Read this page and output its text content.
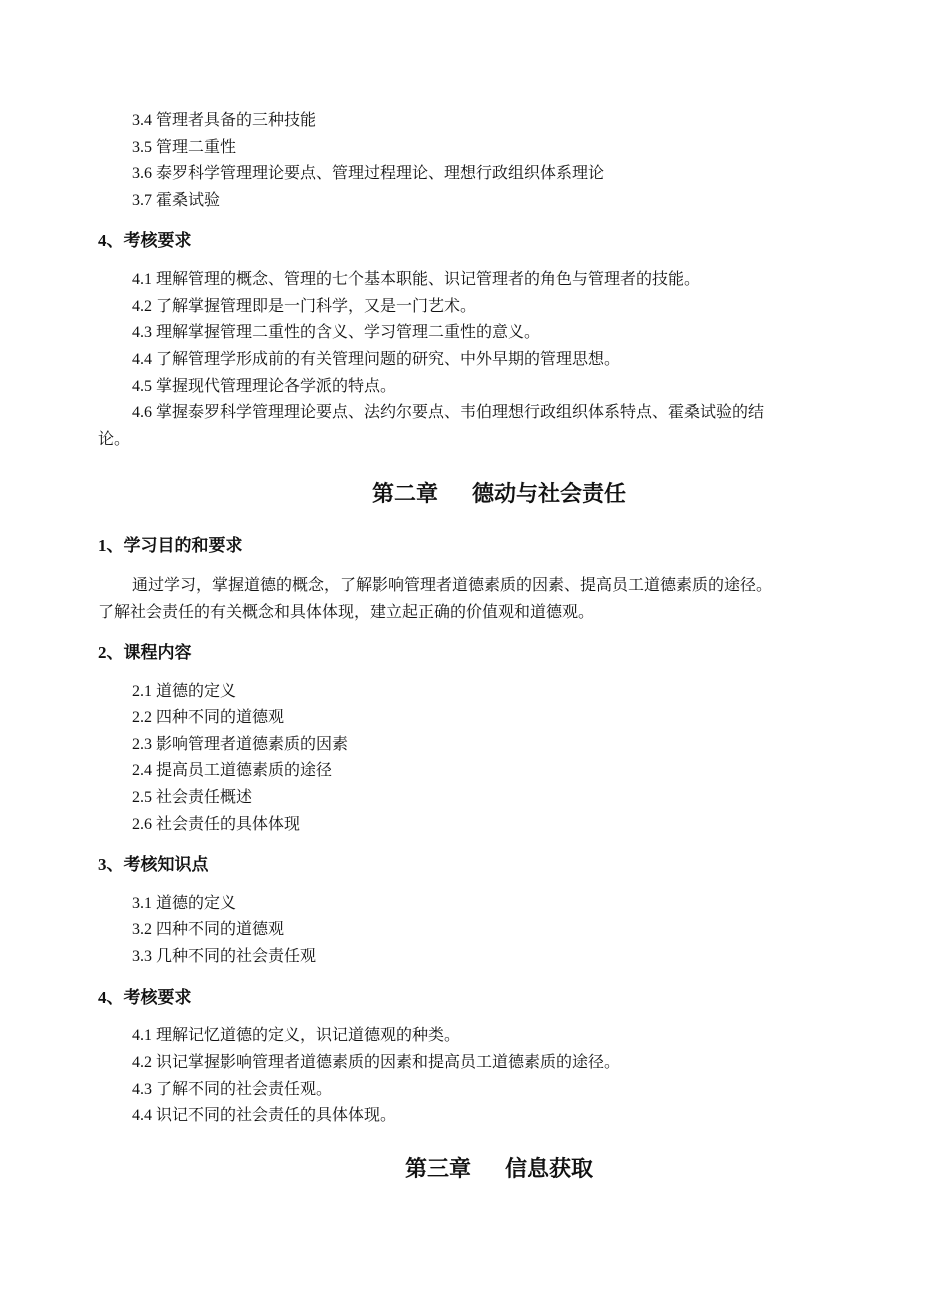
3.4 管理者具备的三种技能
3.5 管理二重性
3.6 泰罗科学管理理论要点、管理过程理论、理想行政组织体系理论
3.7 霍桑试验
4、考核要求
4.1 理解管理的概念、管理的七个基本职能、识记管理者的角色与管理者的技能。
4.2 了解掌握管理即是一门科学，又是一门艺术。
4.3 理解掌握管理二重性的含义、学习管理二重性的意义。
4.4 了解管理学形成前的有关管理问题的研究、中外早期的管理思想。
4.5 掌握现代管理理论各学派的特点。
4.6 掌握泰罗科学管理理论要点、法约尔要点、韦伯理想行政组织体系特点、霍桑试验的结
论。
第二章 德动与社会责任
1、学习目的和要求
通过学习，掌握道德的概念，了解影响管理者道德素质的因素、提高员工道德素质的途径。
了解社会责任的有关概念和具体体现，建立起正确的价值观和道德观。
2、课程内容
2.1 道德的定义
2.2 四种不同的道德观
2.3 影响管理者道德素质的因素
2.4 提高员工道德素质的途径
2.5 社会责任概述
2.6 社会责任的具体体现
3、考核知识点
3.1 道德的定义
3.2 四种不同的道德观
3.3 几种不同的社会责任观
4、考核要求
4.1 理解记忆道德的定义，识记道德观的种类。
4.2 识记掌握影响管理者道德素质的因素和提高员工道德素质的途径。
4.3 了解不同的社会责任观。
4.4 识记不同的社会责任的具体体现。
第三章 信息获取
